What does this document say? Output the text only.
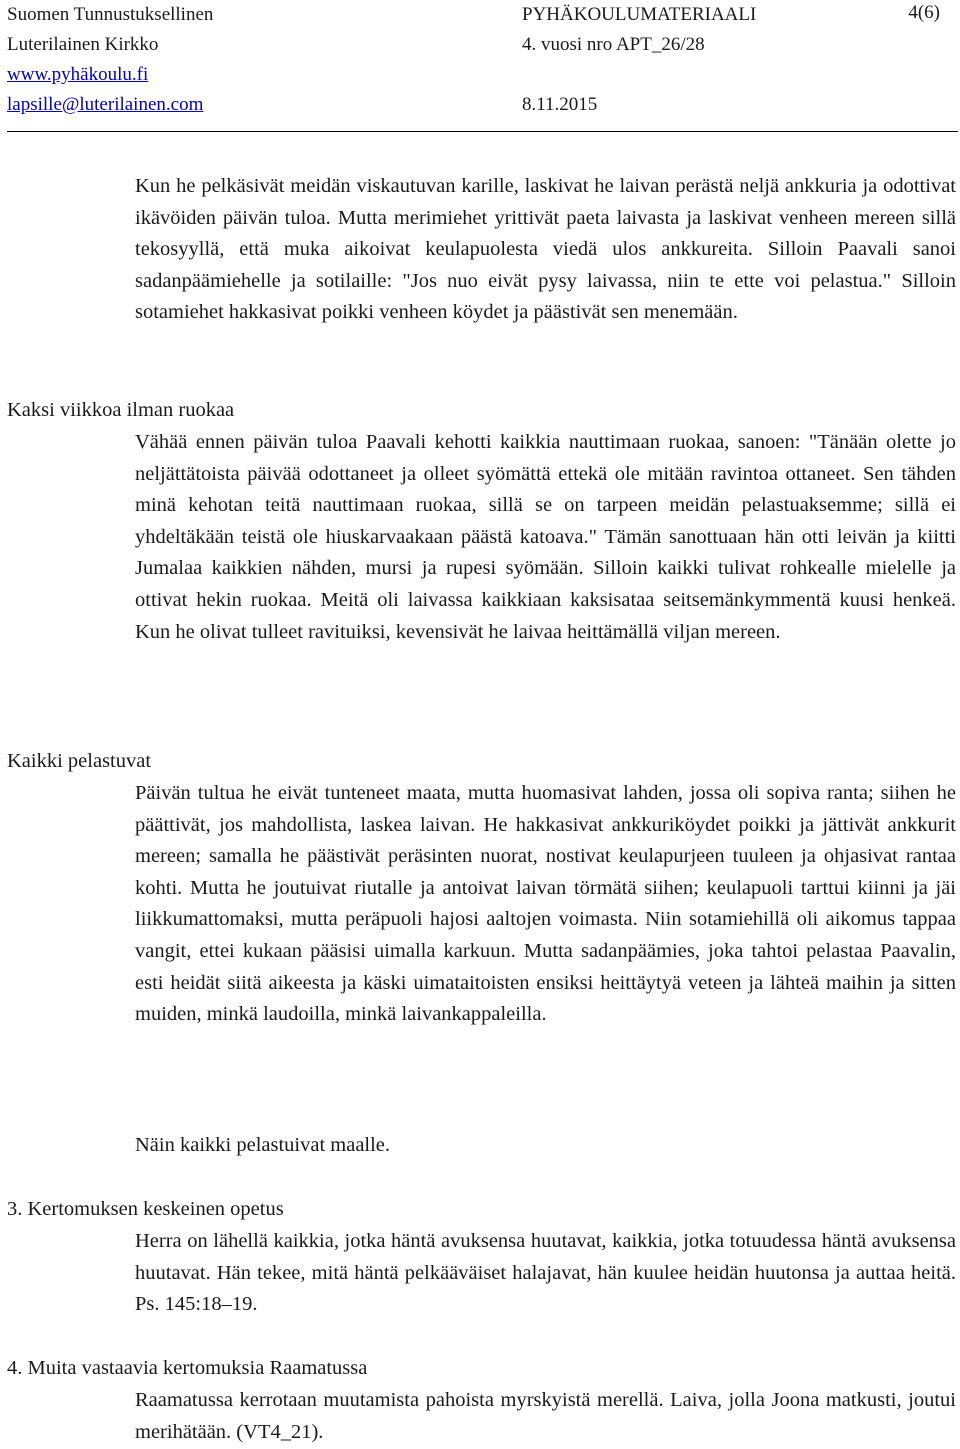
Suomen Tunnustuksellinen
Luterilainen Kirkko
www.pyhäkoulu.fi
lapsille@luterilainen.com
PYHÄKOULUMATERIAALI
4. vuosi nro APT_26/28
8.11.2015
4(6)
Kun he pelkäsivät meidän viskautuvan karille, laskivat he laivan perästä neljä ankkuria ja odottivat ikävöiden päivän tuloa. Mutta merimiehet yrittivät paeta laivasta ja laskivat venheen mereen sillä tekosyyllä, että muka aikoivat keulapuolesta viedä ulos ankkureita. Silloin Paavali sanoi sadanpäämiehelle ja sotilaille: "Jos nuo eivät pysy laivassa, niin te ette voi pelastua." Silloin sotamiehet hakkasivat poikki venheen köydet ja päästivät sen menemään.
Kaksi viikkoa ilman ruokaa
Vähää ennen päivän tuloa Paavali kehotti kaikkia nauttimaan ruokaa, sanoen: "Tänään olette jo neljättätoista päivää odottaneet ja olleet syömättä ettekä ole mitään ravintoa ottaneet. Sen tähden minä kehotan teitä nauttimaan ruokaa, sillä se on tarpeen meidän pelastuaksemme; sillä ei yhdeltäkään teistä ole hiuskarvaakaan päästä katoava." Tämän sanottuaan hän otti leivän ja kiitti Jumalaa kaikkien nähden, mursi ja rupesi syömään. Silloin kaikki tulivat rohkealle mielelle ja ottivat hekin ruokaa. Meitä oli laivassa kaikkiaan kaksisataa seitsemänkymmentä kuusi henkeä. Kun he olivat tulleet ravituiksi, kevensivät he laivaa heittämällä viljan mereen.
Kaikki pelastuvat
Päivän tultua he eivät tunteneet maata, mutta huomasivat lahden, jossa oli sopiva ranta; siihen he päättivät, jos mahdollista, laskea laivan. He hakkasivat ankkuriköydet poikki ja jättivät ankkurit mereen; samalla he päästivät peräsinten nuorat, nostivat keulapurjeen tuuleen ja ohjasivat rantaa kohti. Mutta he joutuivat riutalle ja antoivat laivan törmätä siihen; keulapuoli tarttui kiinni ja jäi liikkumattomaksi, mutta peräpuoli hajosi aaltojen voimasta. Niin sotamiehillä oli aikomus tappaa vangit, ettei kukaan pääsisi uimalla karkuun. Mutta sadanpäämies, joka tahtoi pelastaa Paavalin, esti heidät siitä aikeesta ja käski uimataitoisten ensiksi heittäytyä veteen ja lähteä maihin ja sitten muiden, minkä laudoilla, minkä laivankappaleilla.
Näin kaikki pelastuivat maalle.
3. Kertomuksen keskeinen opetus
Herra on lähellä kaikkia, jotka häntä avuksensa huutavat, kaikkia, jotka totuudessa häntä avuksensa huutavat. Hän tekee, mitä häntä pelkääväiset halajavat, hän kuulee heidän huutonsa ja auttaa heitä. Ps. 145:18–19.
4. Muita vastaavia kertomuksia Raamatussa
Raamatussa kerrotaan muutamista pahoista myrskyistä merellä. Laiva, jolla Joona matkusti, joutui merihätään. (VT4_21).
